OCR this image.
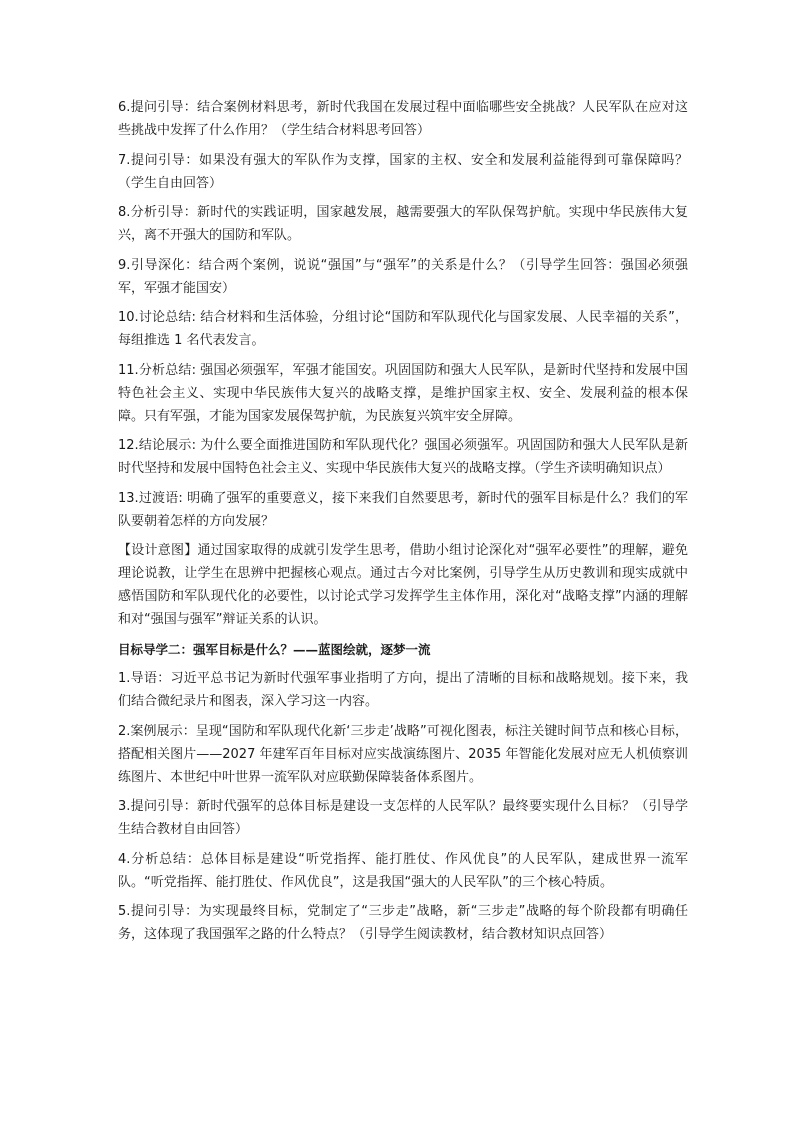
6.提问引导：结合案例材料思考，新时代我国在发展过程中面临哪些安全挑战？人民军队在应对这些挑战中发挥了什么作用？（学生结合材料思考回答）

7.提问引导：如果没有强大的军队作为支撑，国家的主权、安全和发展利益能得到可靠保障吗？（学生自由回答）

8.分析引导：新时代的实践证明，国家越发展，越需要强大的军队保驾护航。实现中华民族伟大复兴，离不开强大的国防和军队。

9.引导深化：结合两个案例，说说“强国”与“强军”的关系是什么？（引导学生回答：强国必须强军，军强才能国安）

10.讨论总结: 结合材料和生活体验，分组讨论“国防和军队现代化与国家发展、人民幸福的关系”，每组推选 1 名代表发言。

11.分析总结: 强国必须强军，军强才能国安。巩固国防和强大人民军队，是新时代坚持和发展中国特色社会主义、实现中华民族伟大复兴的战略支撑，是维护国家主权、安全、发展利益的根本保障。只有军强，才能为国家发展保驾护航，为民族复兴筑牢安全屏障。

12.结论展示: 为什么要全面推进国防和军队现代化？强国必须强军。巩固国防和强大人民军队是新时代坚持和发展中国特色社会主义、实现中华民族伟大复兴的战略支撑。（学生齐读明确知识点）

13.过渡语: 明确了强军的重要意义，接下来我们自然要思考，新时代的强军目标是什么？我们的军队要朝着怎样的方向发展？

【设计意图】通过国家取得的成就引发学生思考，借助小组讨论深化对“强军必要性”的理解，避免理论说教，让学生在思辨中把握核心观点。通过古今对比案例，引导学生从历史教训和现实成就中感悟国防和军队现代化的必要性，以讨论式学习发挥学生主体作用，深化对“战略支撑”内涵的理解和对“强国与强军”辩证关系的认识。

目标导学二：强军目标是什么？——蓝图绘就，逐梦一流

1.导语：习近平总书记为新时代强军事业指明了方向，提出了清晰的目标和战略规划。接下来，我们结合微纪录片和图表，深入学习这一内容。

2.案例展示：呈现“国防和军队现代化新‘三步走’战略”可视化图表，标注关键时间节点和核心目标，搭配相关图片——2027 年建军百年目标对应实战演练图片、2035 年智能化发展对应无人机侦察训练图片、本世纪中叶世界一流军队对应联勤保障装备体系图片。

3.提问引导：新时代强军的总体目标是建设一支怎样的人民军队？最终要实现什么目标？（引导学生结合教材自由回答）

4.分析总结：总体目标是建设“听党指挥、能打胜仗、作风优良”的人民军队，建成世界一流军队。“听党指挥、能打胜仗、作风优良”，这是我国“强大的人民军队”的三个核心特质。

5.提问引导：为实现最终目标，党制定了“三步走”战略，新“三步走”战略的每个阶段都有明确任务，这体现了我国强军之路的什么特点？（引导学生阅读教材，结合教材知识点回答）
